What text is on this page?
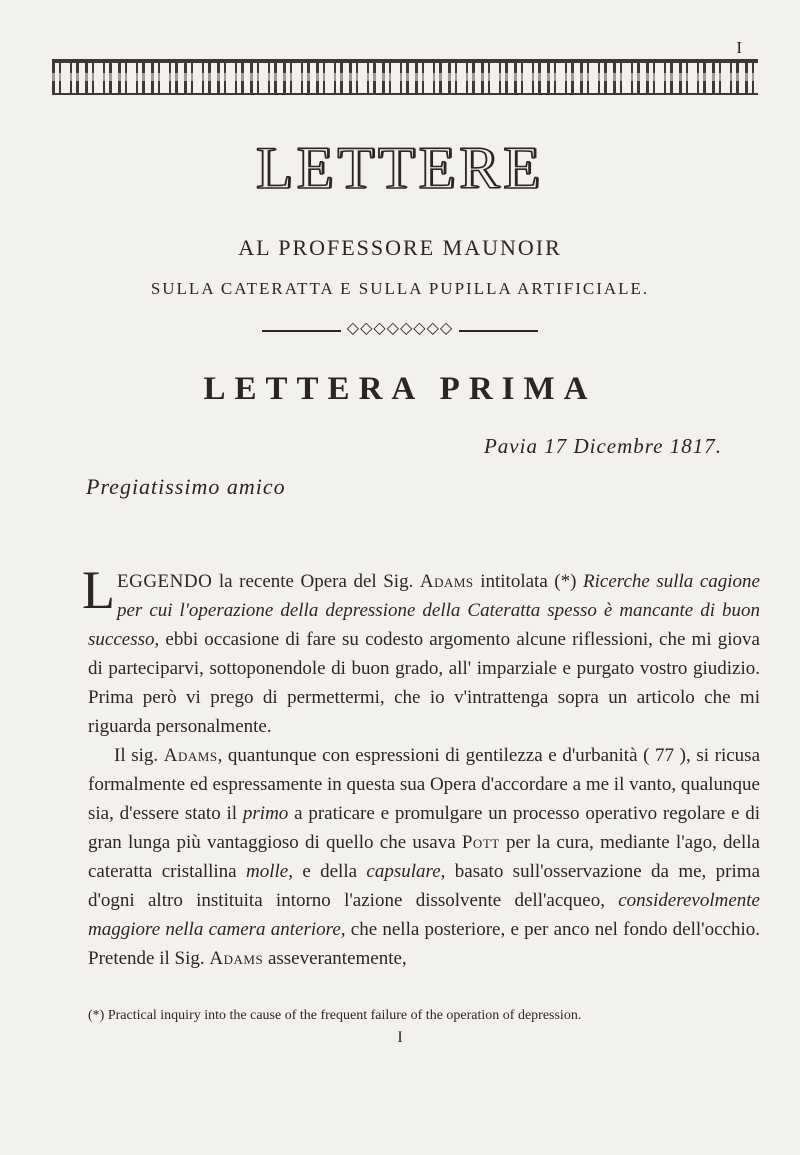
I
LETTERE
AL PROFESSORE MAUNOIR
SULLA CATERATTA E SULLA PUPILLA ARTIFICIALE.
◇◇◇◇◇◇◇◇
LETTERA PRIMA
Pavia 17 Dicembre 1817.
Pregiatissimo amico

LEGGENDO la recente Opera del Sig. Adams intitolata (*) Ricerche sulla cagione per cui l'operazione della depressione della Cateratta spesso è mancante di buon successo, ebbi occasione di fare su codesto argomento alcune riflessioni, che mi giova di parteciparvi, sottoponendole di buon grado, all' imparziale e purgato vostro giudizio. Prima però vi prego di permettermi, che io v'intrattenga sopra un articolo che mi riguarda personalmente.

Il sig. Adams, quantunque con espressioni di gentilezza e d'urbanità ( 77 ), si ricusa formalmente ed espressamente in questa sua Opera d'accordare a me il vanto, qualunque sia, d'essere stato il primo a praticare e promulgare un processo operativo regolare e di gran lunga più vantaggioso di quello che usava Pott per la cura, mediante l'ago, della cateratta cristallina molle, e della capsulare, basato sull'osservazione da me, prima d'ogni altro instituita intorno l'azione dissolvente dell'acqueo, considerevolmente maggiore nella camera anteriore, che nella posteriore, e per anco nel fondo dell'occhio. Pretende il Sig. Adams asseverantemente,

(*) Practical inquiry into the cause of the frequent failure of the operation of depression.
I
